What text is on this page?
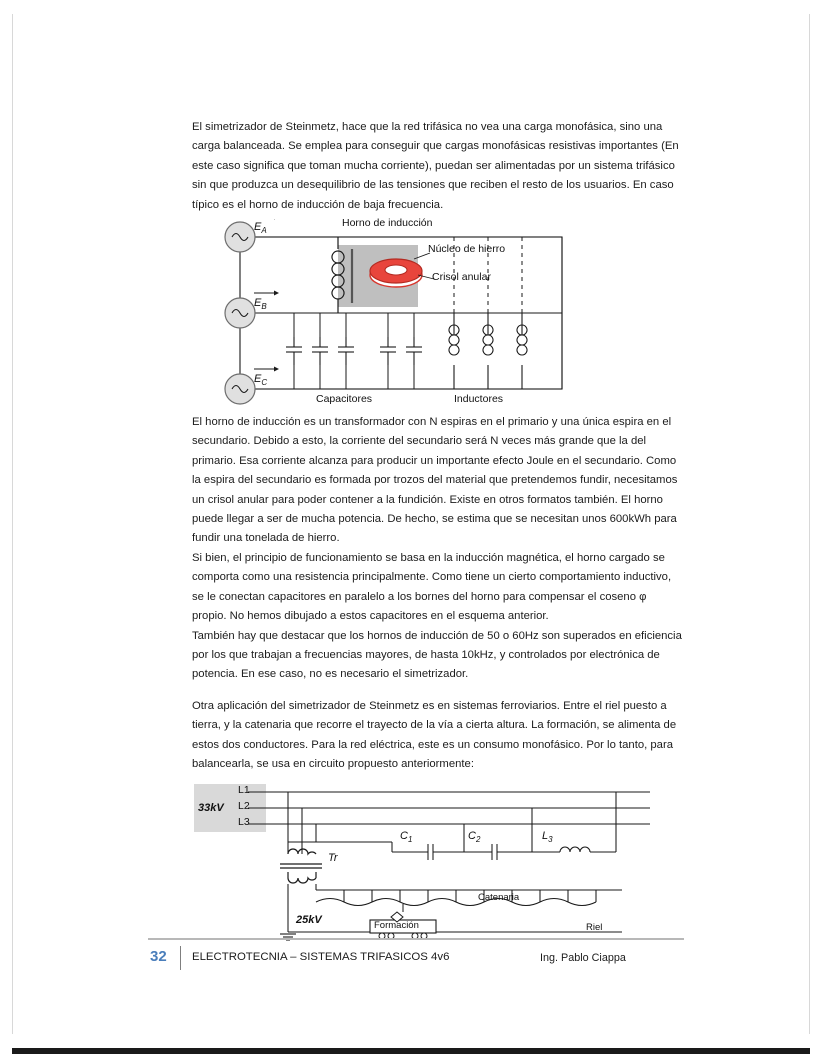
El simetrizador de Steinmetz, hace que la red trifásica no vea una carga monofásica, sino una carga balanceada. Se emplea para conseguir que cargas monofásicas resistivas importantes (En este caso significa que toman mucha corriente), puedan ser alimentadas por un sistema trifásico sin que produzca un desequilibrio de las tensiones que reciben el resto de los usuarios. En caso típico es el horno de inducción de baja frecuencia.

$E_A$
$E_B$
$E_C$
Horno de inducción
Núcleo de hierro
Crisol anular
Capacitores	Inductores

El horno de inducción es un transformador con N espiras en el primario y una única espira en el secundario. Debido a esto, la corriente del secundario será N veces más grande que la del primario. Esa corriente alcanza para producir un importante efecto Joule en el secundario. Como la espira del secundario es formada por trozos del material que pretendemos fundir, necesitamos un crisol anular para poder contener a la fundición. Existe en otros formatos también. El horno puede llegar a ser de mucha potencia. De hecho, se estima que se necesitan unos 600kWh para fundir una tonelada de hierro.

Si bien, el principio de funcionamiento se basa en la inducción magnética, el horno cargado se comporta como una resistencia principalmente. Como tiene un cierto comportamiento inductivo, se le conectan capacitores en paralelo a los bornes del horno para compensar el coseno φ propio. No hemos dibujado a estos capacitores en el esquema anterior.

También hay que destacar que los hornos de inducción de 50 o 60Hz son superados en eficiencia por los que trabajan a frecuencias mayores, de hasta 10kHz, y controlados por electrónica de potencia. En ese caso, no es necesario el simetrizador.

Otra aplicación del simetrizador de Steinmetz es en sistemas ferroviarios. Entre el riel puesto a tierra, y la catenaria que recorre el trayecto de la vía a cierta altura. La formación, se alimenta de estos dos conductores. Para la red eléctrica, este es un consumo monofásico. Por lo tanto, para balancearla, se usa en circuito propuesto anteriormente:

33kV
L1
L2
L3
$C_1$	$C_2$	$L_3$
Tr
25kV
Catenaria
Formación	Riel
32 ELECTROTECNIA – SISTEMAS TRIFASICOS 4v6	Ing. Pablo Ciappa
